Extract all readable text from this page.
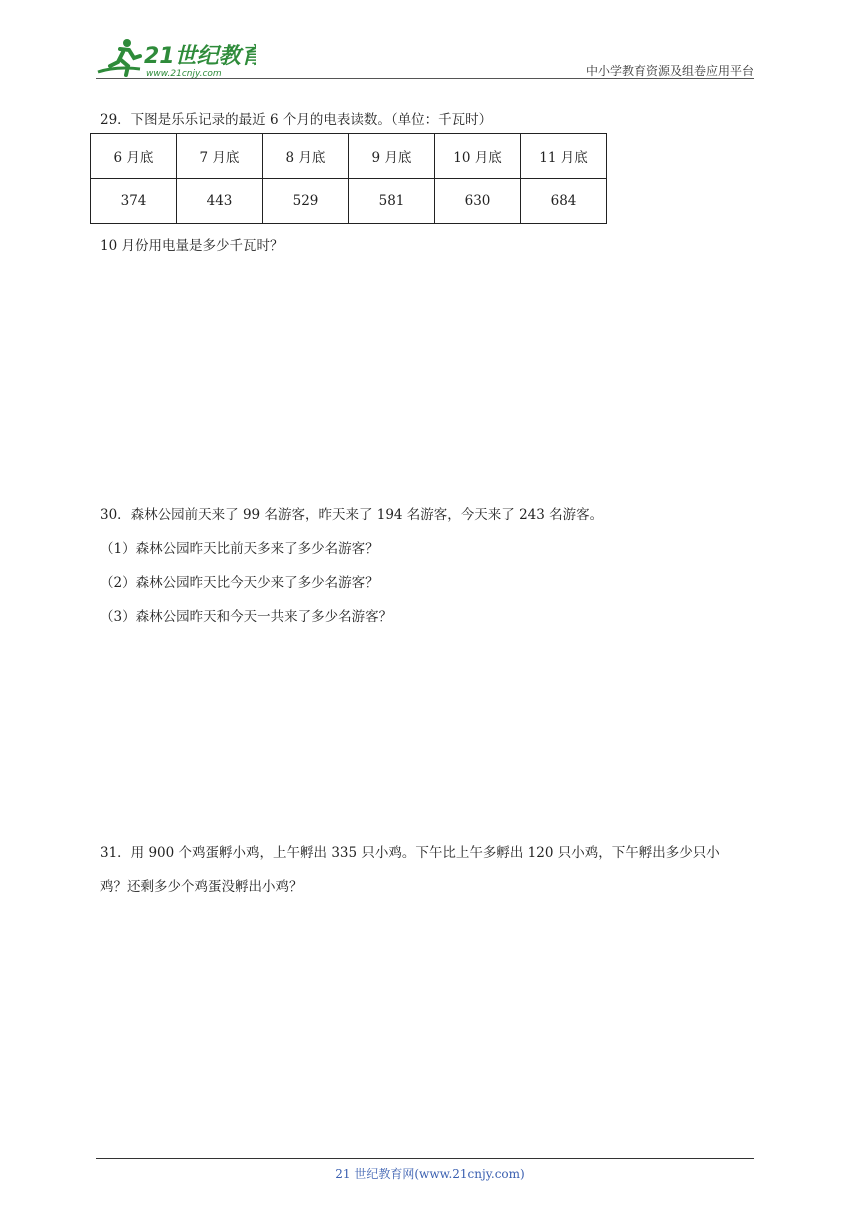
21世纪教育
www.21cnjy.com	中小学教育资源及组卷应用平台
29．下图是乐乐记录的最近 6 个月的电表读数。（单位：千瓦时）
6 月底	7 月底	8 月底	9 月底	10 月底	11 月底
374	443	529	581	630	684
10 月份用电量是多少千瓦时？
30．森林公园前天来了 99 名游客，昨天来了 194 名游客，今天来了 243 名游客。
（1）森林公园昨天比前天多来了多少名游客？
（2）森林公园昨天比今天少来了多少名游客？
（3）森林公园昨天和今天一共来了多少名游客？
31．用 900 个鸡蛋孵小鸡，上午孵出 335 只小鸡。下午比上午多孵出 120 只小鸡，下午孵出多少只小
鸡？还剩多少个鸡蛋没孵出小鸡？
21 世纪教育网(www.21cnjy.com)
